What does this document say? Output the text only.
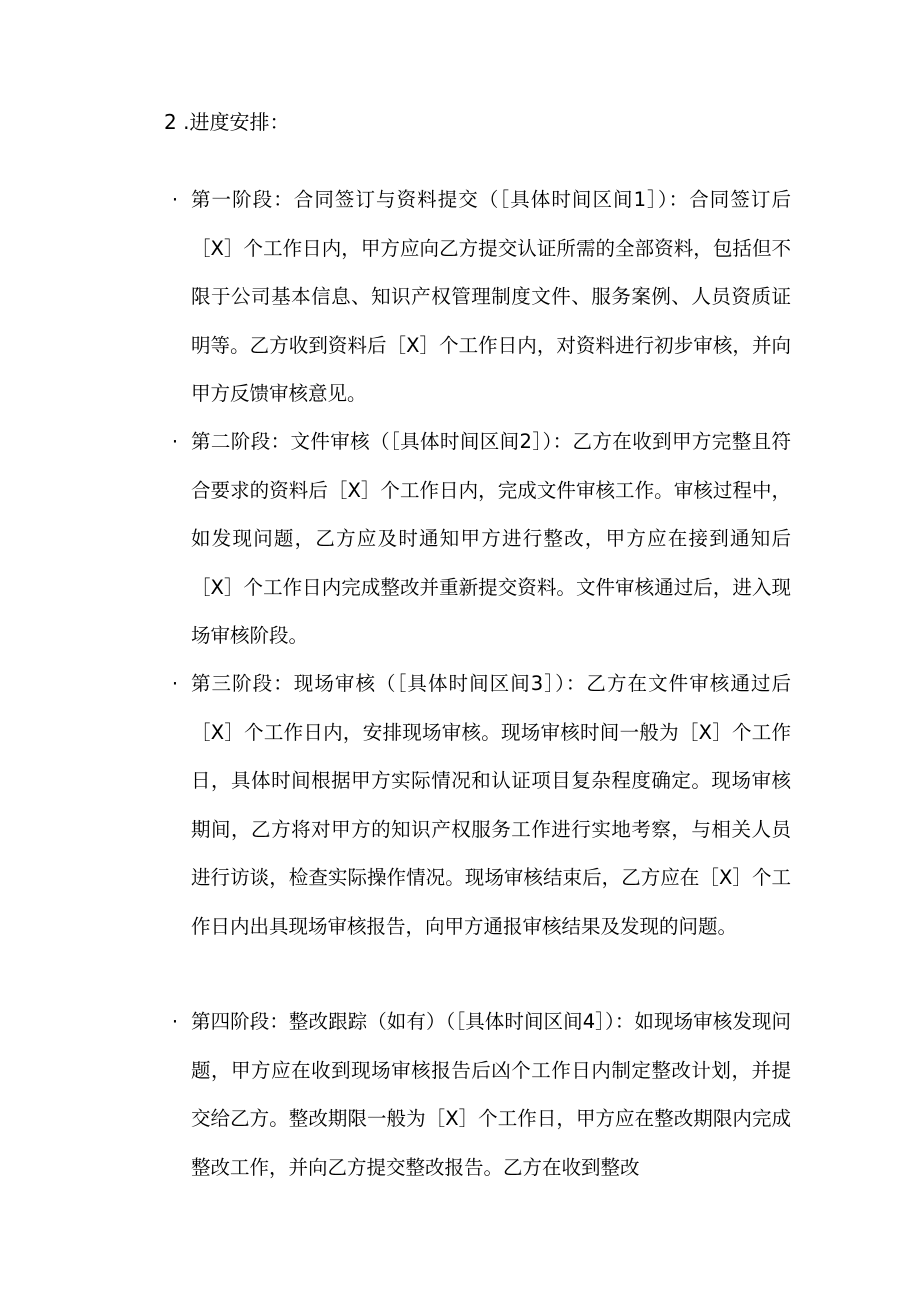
2 .进度安排：

· 第一阶段：合同签订与资料提交（［具体时间区间1］）：合同签订后［X］个工作日内，甲方应向乙方提交认证所需的全部资料，包括但不限于公司基本信息、知识产权管理制度文件、服务案例、人员资质证明等。乙方收到资料后［X］个工作日内，对资料进行初步审核，并向甲方反馈审核意见。
· 第二阶段：文件审核（［具体时间区间2］）：乙方在收到甲方完整且符合要求的资料后［X］个工作日内，完成文件审核工作。审核过程中，如发现问题，乙方应及时通知甲方进行整改，甲方应在接到通知后［X］个工作日内完成整改并重新提交资料。文件审核通过后，进入现场审核阶段。
· 第三阶段：现场审核（［具体时间区间3］）：乙方在文件审核通过后［X］个工作日内，安排现场审核。现场审核时间一般为［X］个工作日，具体时间根据甲方实际情况和认证项目复杂程度确定。现场审核期间，乙方将对甲方的知识产权服务工作进行实地考察，与相关人员进行访谈，检查实际操作情况。现场审核结束后，乙方应在［X］个工作日内出具现场审核报告，向甲方通报审核结果及发现的问题。
· 第四阶段：整改跟踪（如有）（［具体时间区间4］）：如现场审核发现问题，甲方应在收到现场审核报告后凶个工作日内制定整改计划，并提交给乙方。整改期限一般为［X］个工作日，甲方应在整改期限内完成整改工作，并向乙方提交整改报告。乙方在收到整改
